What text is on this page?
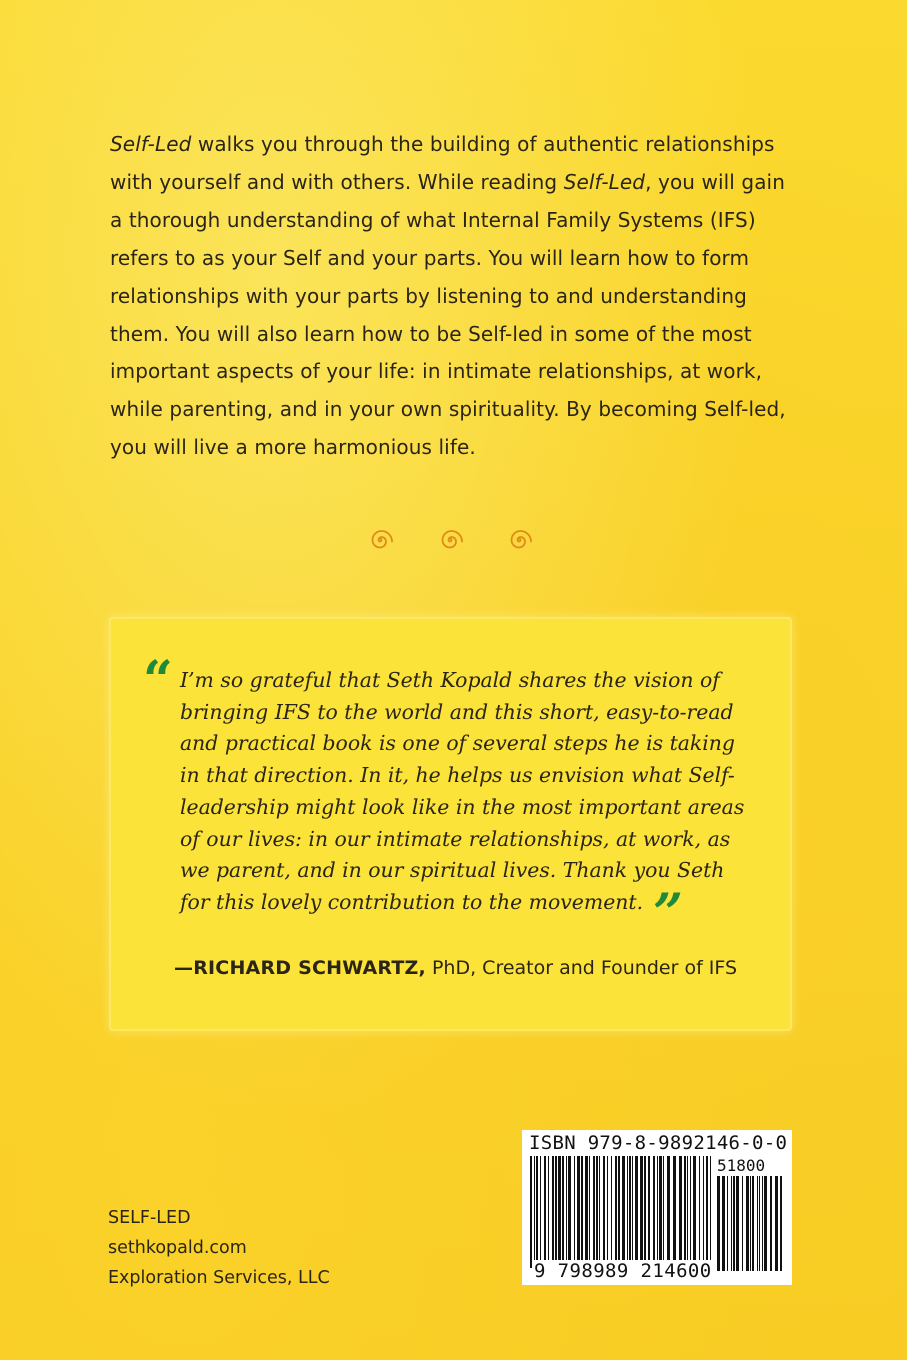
Self-Led walks you through the building of authentic relationships with yourself and with others. While reading Self-Led, you will gain a thorough understanding of what Internal Family Systems (IFS) refers to as your Self and your parts. You will learn how to form relationships with your parts by listening to and understanding them. You will also learn how to be Self-led in some of the most important aspects of your life: in intimate relationships, at work, while parenting, and in your own spirituality. By becoming Self-led, you will live a more harmonious life.

“ I’m so grateful that Seth Kopald shares the vision of bringing IFS to the world and this short, easy-to-read and practical book is one of several steps he is taking in that direction. In it, he helps us envision what Self-leadership might look like in the most important areas of our lives: in our intimate relationships, at work, as we parent, and in our spiritual lives. Thank you Seth for this lovely contribution to the movement. ”
—RICHARD SCHWARTZ, PhD, Creator and Founder of IFS
SELF-LED
sethkopald.com
Exploration Services, LLC
ISBN 979-8-9892146-0-0
51800
9 798989 214600
